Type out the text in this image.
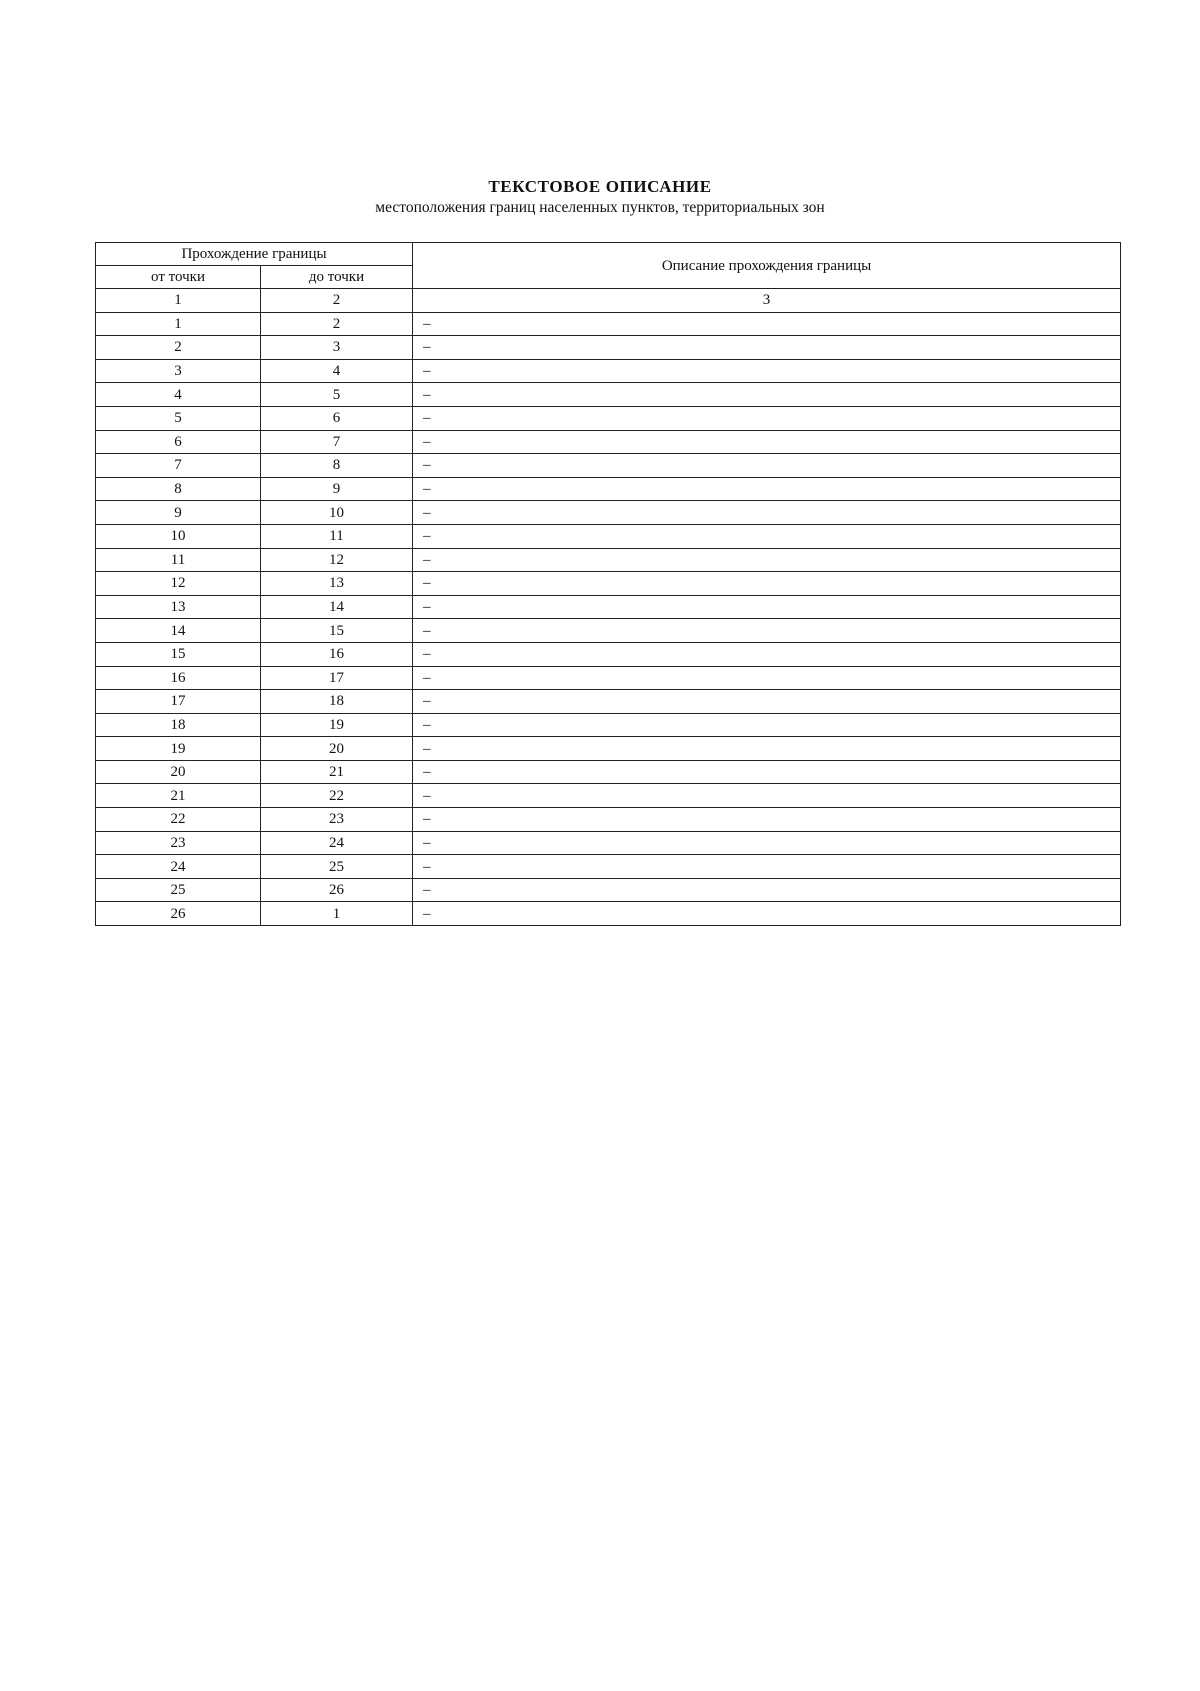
ТЕКСТОВОЕ ОПИСАНИЕ
местоположения границ населенных пунктов, территориальных зон
Прохождение границы		Описание прохождения границы
от точки	до точки	
1	2	3
1	2	–
2	3	–
3	4	–
4	5	–
5	6	–
6	7	–
7	8	–
8	9	–
9	10	–
10	11	–
11	12	–
12	13	–
13	14	–
14	15	–
15	16	–
16	17	–
17	18	–
18	19	–
19	20	–
20	21	–
21	22	–
22	23	–
23	24	–
24	25	–
25	26	–
26	1	–
